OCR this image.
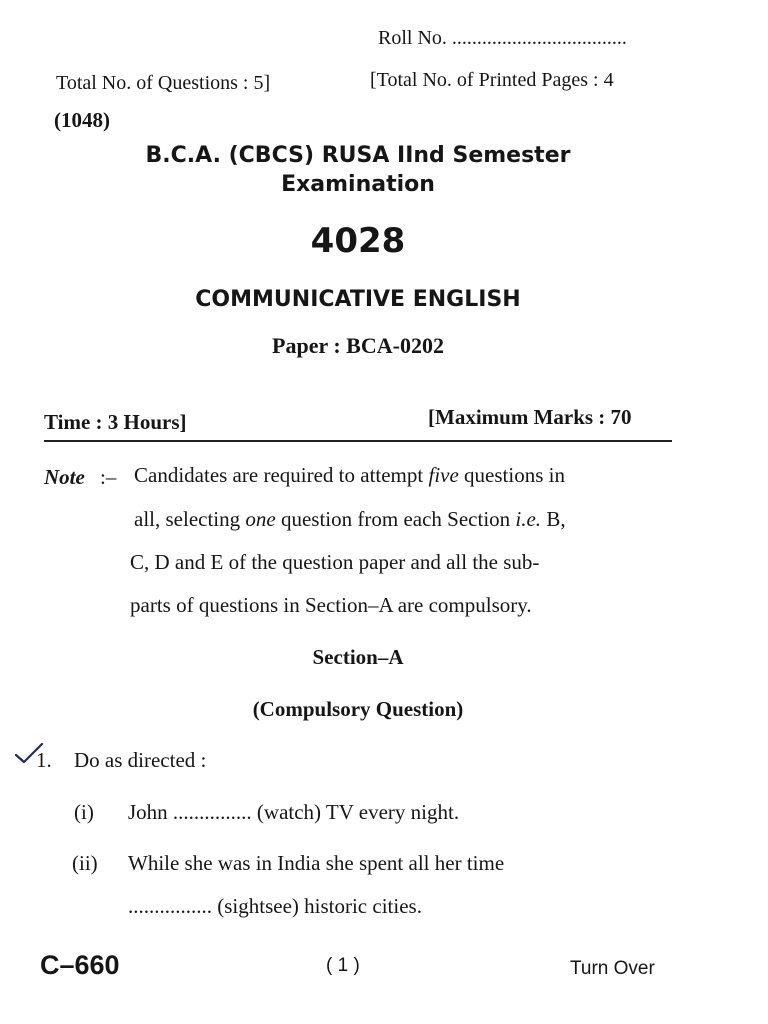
Roll No. ...................................
Total No. of Questions : 5]	[Total No. of Printed Pages : 4
(1048)
B.C.A. (CBCS) RUSA IInd Semester
Examination
4028
COMMUNICATIVE ENGLISH
Paper : BCA-0202
Time : 3 Hours]	[Maximum Marks : 70
Note :– Candidates are required to attempt five questions in
all, selecting one question from each Section i.e. B,
C, D and E of the question paper and all the sub-
parts of questions in Section–A are compulsory.
Section–A
(Compulsory Question)
1. Do as directed :
(i) John ............... (watch) TV every night.
(ii) While she was in India she spent all her time
................ (sightsee) historic cities.
C–660	( 1 )	Turn Over
